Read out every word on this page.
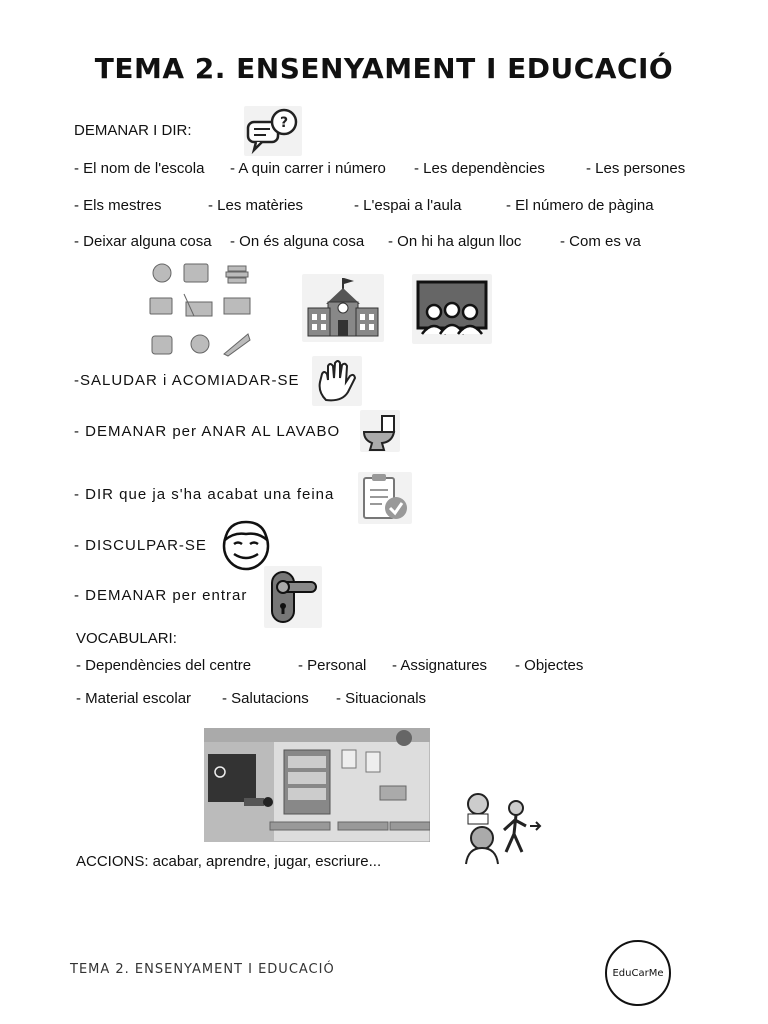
TEMA 2. ENSENYAMENT I EDUCACIÓ
DEMANAR I DIR:	?
- El nom de l'escola - A quin carrer i número - Les dependències	- Les persones
- Els mestres	- Les matèries	- L'espai a l'aula	- El número de pàgina
- Deixar alguna cosa - On és alguna cosa - On hi ha algun lloc	- Com es va
-SALUDAR i ACOMIADAR-SE
- DEMANAR per ANAR AL LAVABO
- DIR que ja s'ha acabat una feina
- DISCULPAR-SE
- DEMANAR per entrar
VOCABULARI:
- Dependències del centre	- Personal - Assignatures - Objectes
- Material escolar - Salutacions - Situacionals
ACCIONS: acabar, aprendre, jugar, escriure...
TEMA 2. ENSENYAMENT I EDUCACIÓ	EduCarMe
